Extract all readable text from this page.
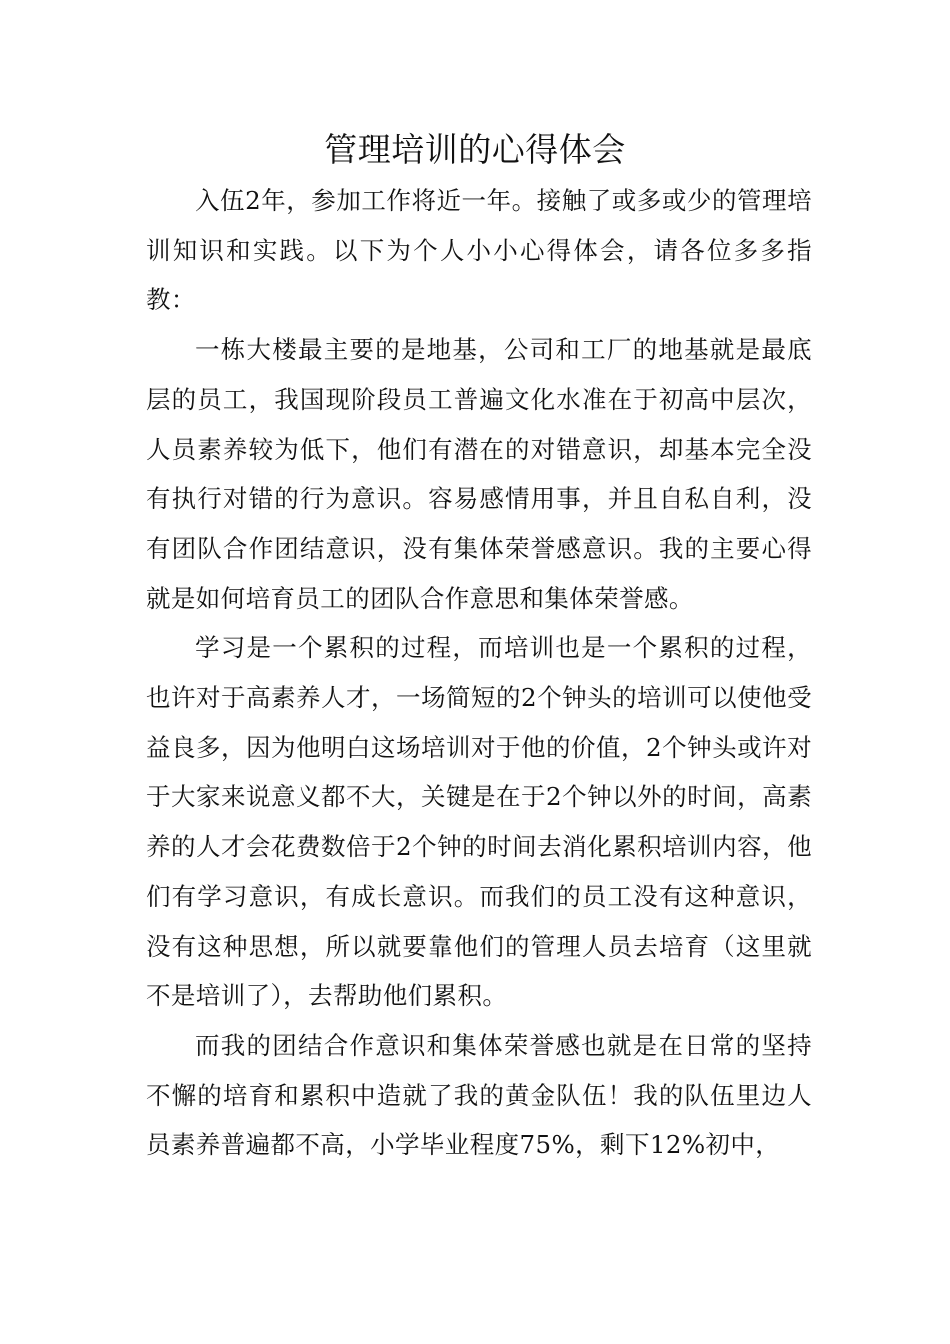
管理培训的心得体会

入伍2年，参加工作将近一年。接触了或多或少的管理培训知识和实践。以下为个人小小心得体会，请各位多多指教：

一栋大楼最主要的是地基，公司和工厂的地基就是最底层的员工，我国现阶段员工普遍文化水准在于初高中层次，人员素养较为低下，他们有潜在的对错意识，却基本完全没有执行对错的行为意识。容易感情用事，并且自私自利，没有团队合作团结意识，没有集体荣誉感意识。我的主要心得就是如何培育员工的团队合作意思和集体荣誉感。

学习是一个累积的过程，而培训也是一个累积的过程，也许对于高素养人才，一场简短的2个钟头的培训可以使他受益良多，因为他明白这场培训对于他的价值，2个钟头或许对于大家来说意义都不大，关键是在于2个钟以外的时间，高素养的人才会花费数倍于2个钟的时间去消化累积培训内容，他们有学习意识，有成长意识。而我们的员工没有这种意识，没有这种思想，所以就要靠他们的管理人员去培育（这里就不是培训了），去帮助他们累积。

而我的团结合作意识和集体荣誉感也就是在日常的坚持不懈的培育和累积中造就了我的黄金队伍！我的队伍里边人员素养普遍都不高，小学毕业程度75%，剩下12%初中，
